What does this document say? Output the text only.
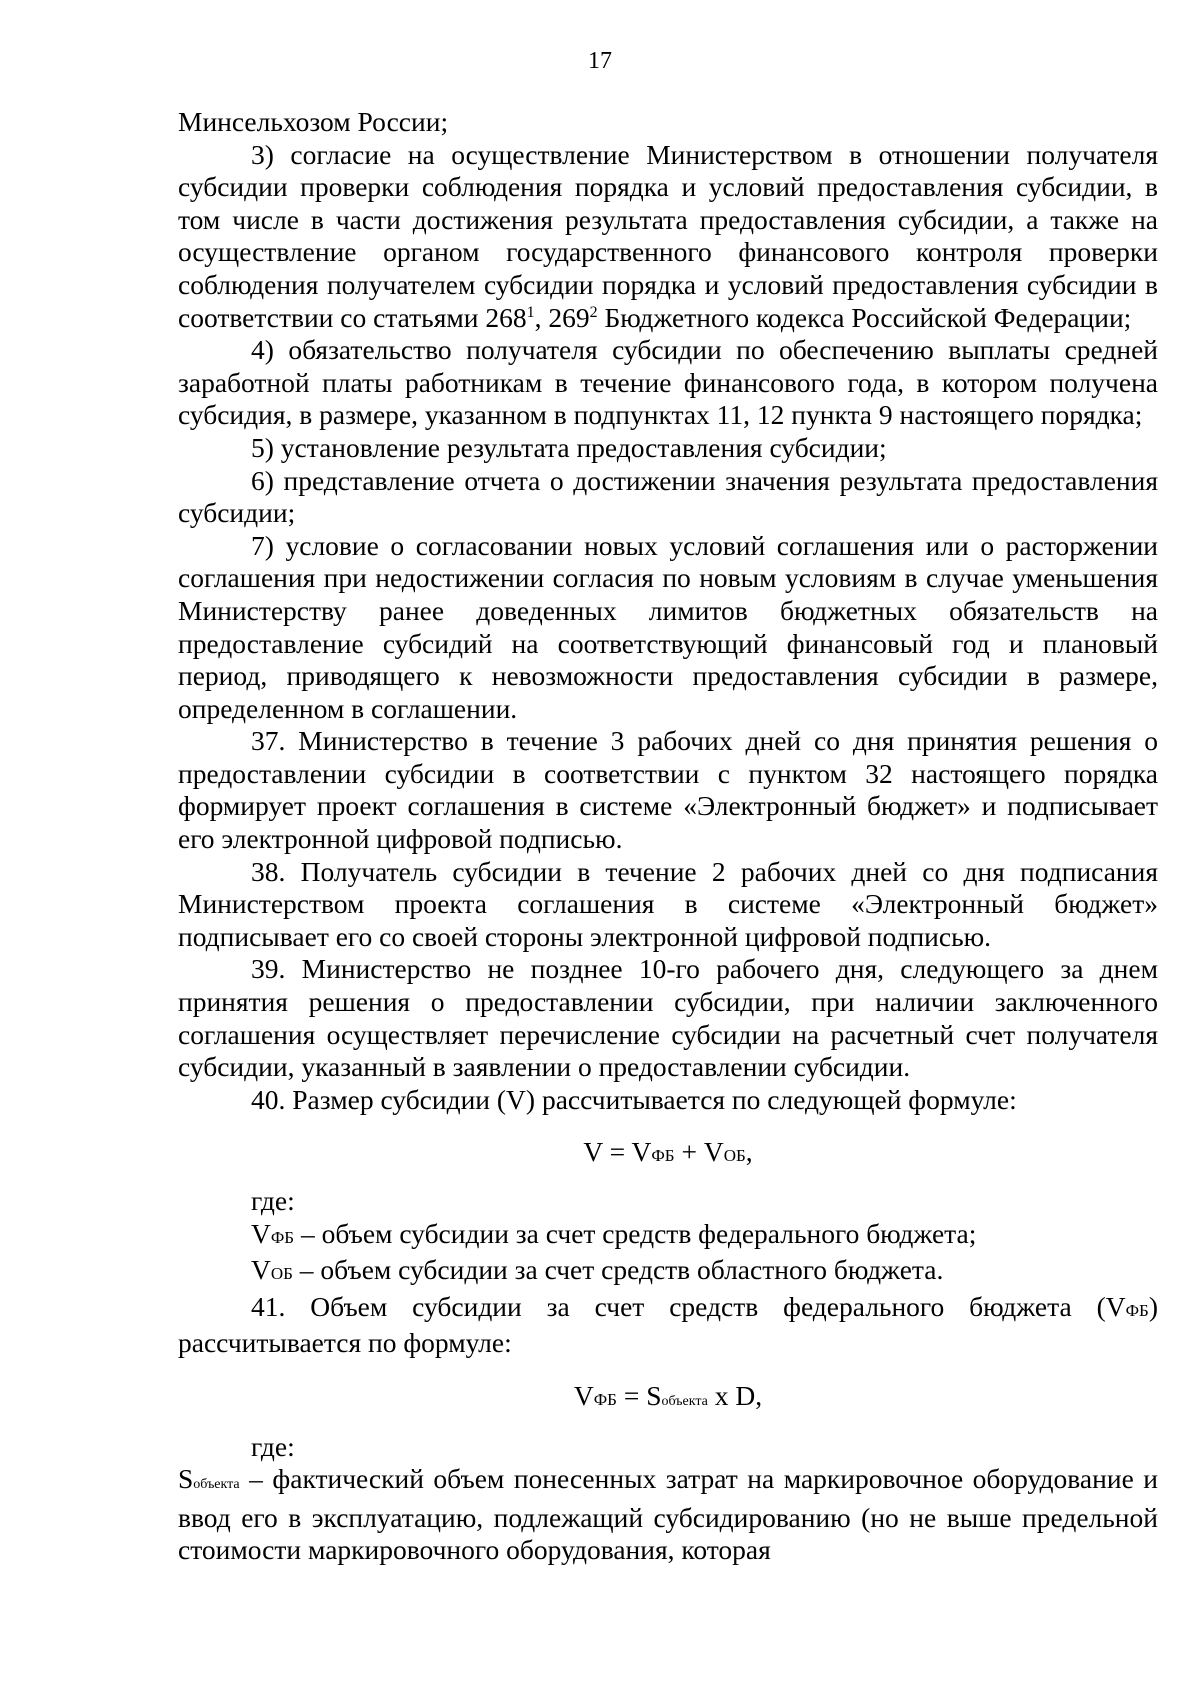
17

Минсельхозом России;

3) согласие на осуществление Министерством в отношении получателя субсидии проверки соблюдения порядка и условий предоставления субсидии, в том числе в части достижения результата предоставления субсидии, а также на осуществление органом государственного финансового контроля проверки соблюдения получателем субсидии порядка и условий предоставления субсидии в соответствии со статьями $268^1$, $269^2$ Бюджетного кодекса Российской Федерации;

4) обязательство получателя субсидии по обеспечению выплаты средней заработной платы работникам в течение финансового года, в котором получена субсидия, в размере, указанном в подпунктах 11, 12 пункта 9 настоящего порядка;

5) установление результата предоставления субсидии;

6) представление отчета о достижении значения результата предоставления субсидии;

7) условие о согласовании новых условий соглашения или о расторжении соглашения при недостижении согласия по новым условиям в случае уменьшения Министерству ранее доведенных лимитов бюджетных обязательств на предоставление субсидий на соответствующий финансовый год и плановый период, приводящего к невозможности предоставления субсидии в размере, определенном в соглашении.

37. Министерство в течение 3 рабочих дней со дня принятия решения о предоставлении субсидии в соответствии с пунктом 32 настоящего порядка формирует проект соглашения в системе «Электронный бюджет» и подписывает его электронной цифровой подписью.

38. Получатель субсидии в течение 2 рабочих дней со дня подписания Министерством проекта соглашения в системе «Электронный бюджет» подписывает его со своей стороны электронной цифровой подписью.

39. Министерство не позднее 10-го рабочего дня, следующего за днем принятия решения о предоставлении субсидии, при наличии заключенного соглашения осуществляет перечисление субсидии на расчетный счет получателя субсидии, указанный в заявлении о предоставлении субсидии.

40. Размер субсидии (V) рассчитывается по следующей формуле:

V = VФБ + VОБ,

где:

VФБ – объем субсидии за счет средств федерального бюджета;

VОБ – объем субсидии за счет средств областного бюджета.

41. Объем субсидии за счет средств федерального бюджета (VФБ) рассчитывается по формуле:

VФБ = Sобъекта x D,

где:

Sобъекта – фактический объем понесенных затрат на маркировочное оборудование и ввод его в эксплуатацию, подлежащий субсидированию (но не выше предельной стоимости маркировочного оборудования, которая
